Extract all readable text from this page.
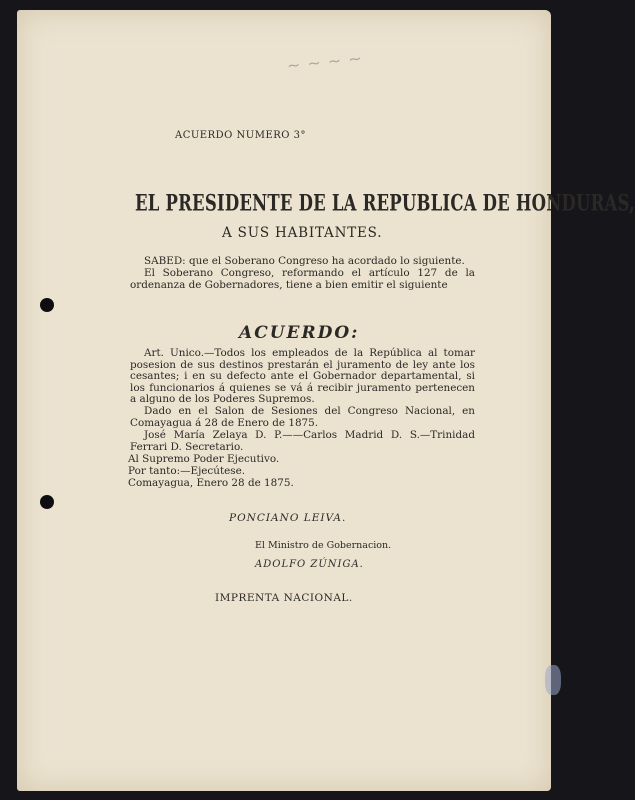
~ ~ ~ ~
ACUERDO NUMERO 3°
EL PRESIDENTE DE LA REPUBLICA DE HONDURAS,
A SUS HABITANTES.
SABED: que el Soberano Congreso ha acordado lo siguiente.
El Soberano Congreso, reformando el artículo 127 de la ordenanza de Gobernadores, tiene a bien emitir el siguiente
ACUERDO:
Art. Unico.—Todos los empleados de la República al tomar posesion de sus destinos prestarán el juramento de ley ante los cesantes; i en su defecto ante el Gobernador departamental, si los funcionarios á quienes se vá á recibir juramento pertenecen a alguno de los Poderes Supremos.
Dado en el Salon de Sesiones del Congreso Nacional, en Comayagua á 28 de Enero de 1875.
José María Zelaya D. P.——Carlos Madrid D. S.—Trinidad Ferrari D. Secretario.
Al Supremo Poder Ejecutivo.
Por tanto:—Ejecútese.
Comayagua, Enero 28 de 1875.
PONCIANO LEIVA.
El Ministro de Gobernacion.
ADOLFO ZÚNIGA.
IMPRENTA NACIONAL.
